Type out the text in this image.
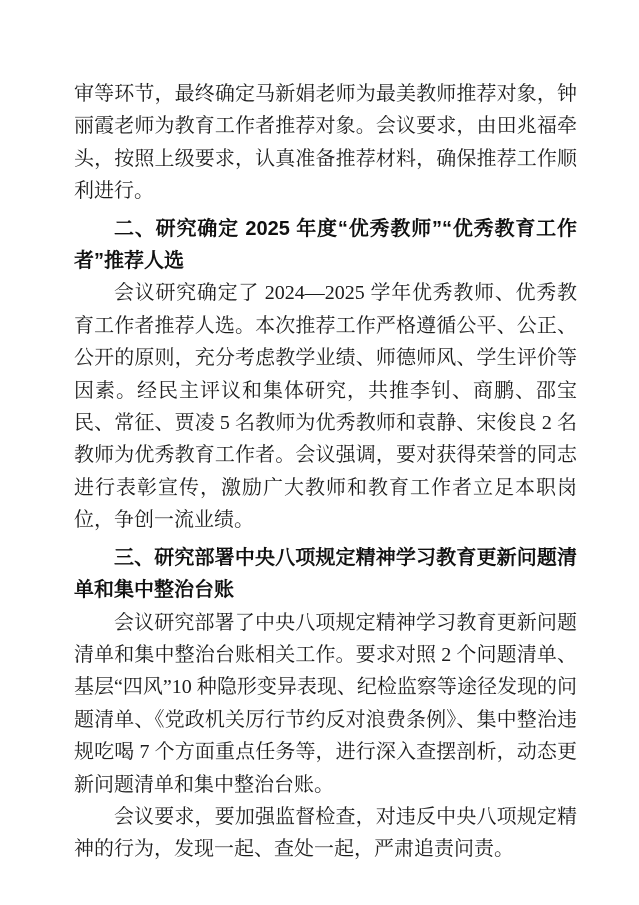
审等环节，最终确定马新娟老师为最美教师推荐对象，钟丽霞老师为教育工作者推荐对象。会议要求，由田兆福牵头，按照上级要求，认真准备推荐材料，确保推荐工作顺利进行。

二、研究确定 2025 年度“优秀教师”“优秀教育工作者”推荐人选

会议研究确定了 2024—2025 学年优秀教师、优秀教育工作者推荐人选。本次推荐工作严格遵循公平、公正、公开的原则，充分考虑教学业绩、师德师风、学生评价等因素。经民主评议和集体研究，共推李钊、商鹏、邵宝民、常征、贾凌 5 名教师为优秀教师和袁静、宋俊良 2 名教师为优秀教育工作者。会议强调，要对获得荣誉的同志进行表彰宣传，激励广大教师和教育工作者立足本职岗位，争创一流业绩。

三、研究部署中央八项规定精神学习教育更新问题清单和集中整治台账

会议研究部署了中央八项规定精神学习教育更新问题清单和集中整治台账相关工作。要求对照 2 个问题清单、基层“四风”10 种隐形变异表现、纪检监察等途径发现的问题清单、《党政机关厉行节约反对浪费条例》、集中整治违规吃喝 7 个方面重点任务等，进行深入查摆剖析，动态更新问题清单和集中整治台账。

会议要求，要加强监督检查，对违反中央八项规定精神的行为，发现一起、查处一起，严肃追责问责。
